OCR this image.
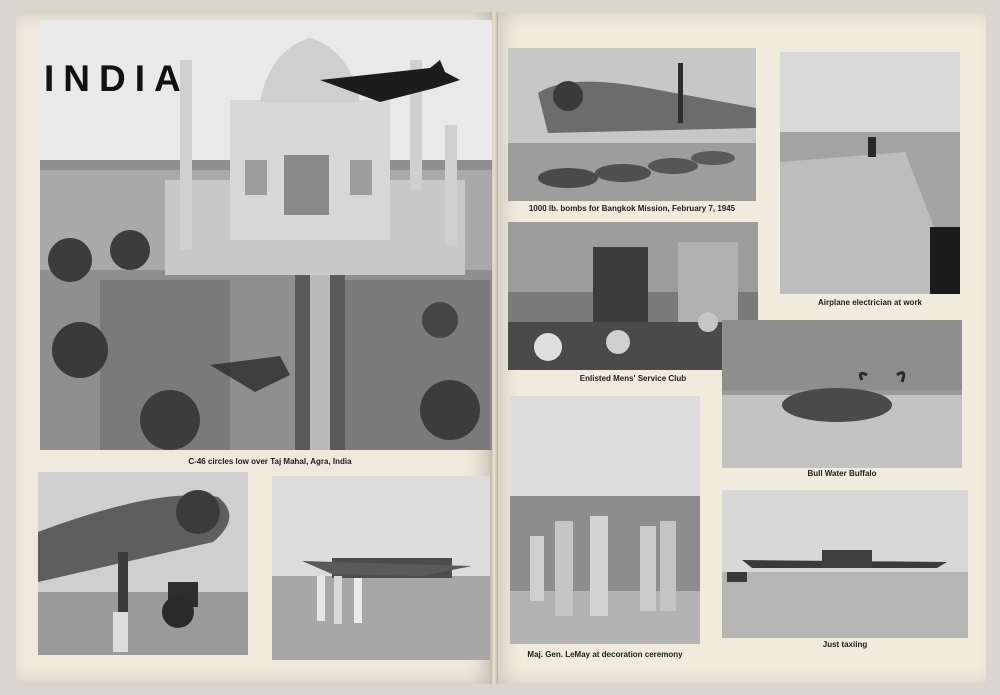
INDIA
C-46 circles low over Taj Mahal, Agra, India
1000 lb. bombs for Bangkok Mission, February 7, 1945
Enlisted Mens' Service Club
Airplane electrician at work
Bull Water Buffalo
Maj. Gen. LeMay at decoration ceremony
Just taxiing
